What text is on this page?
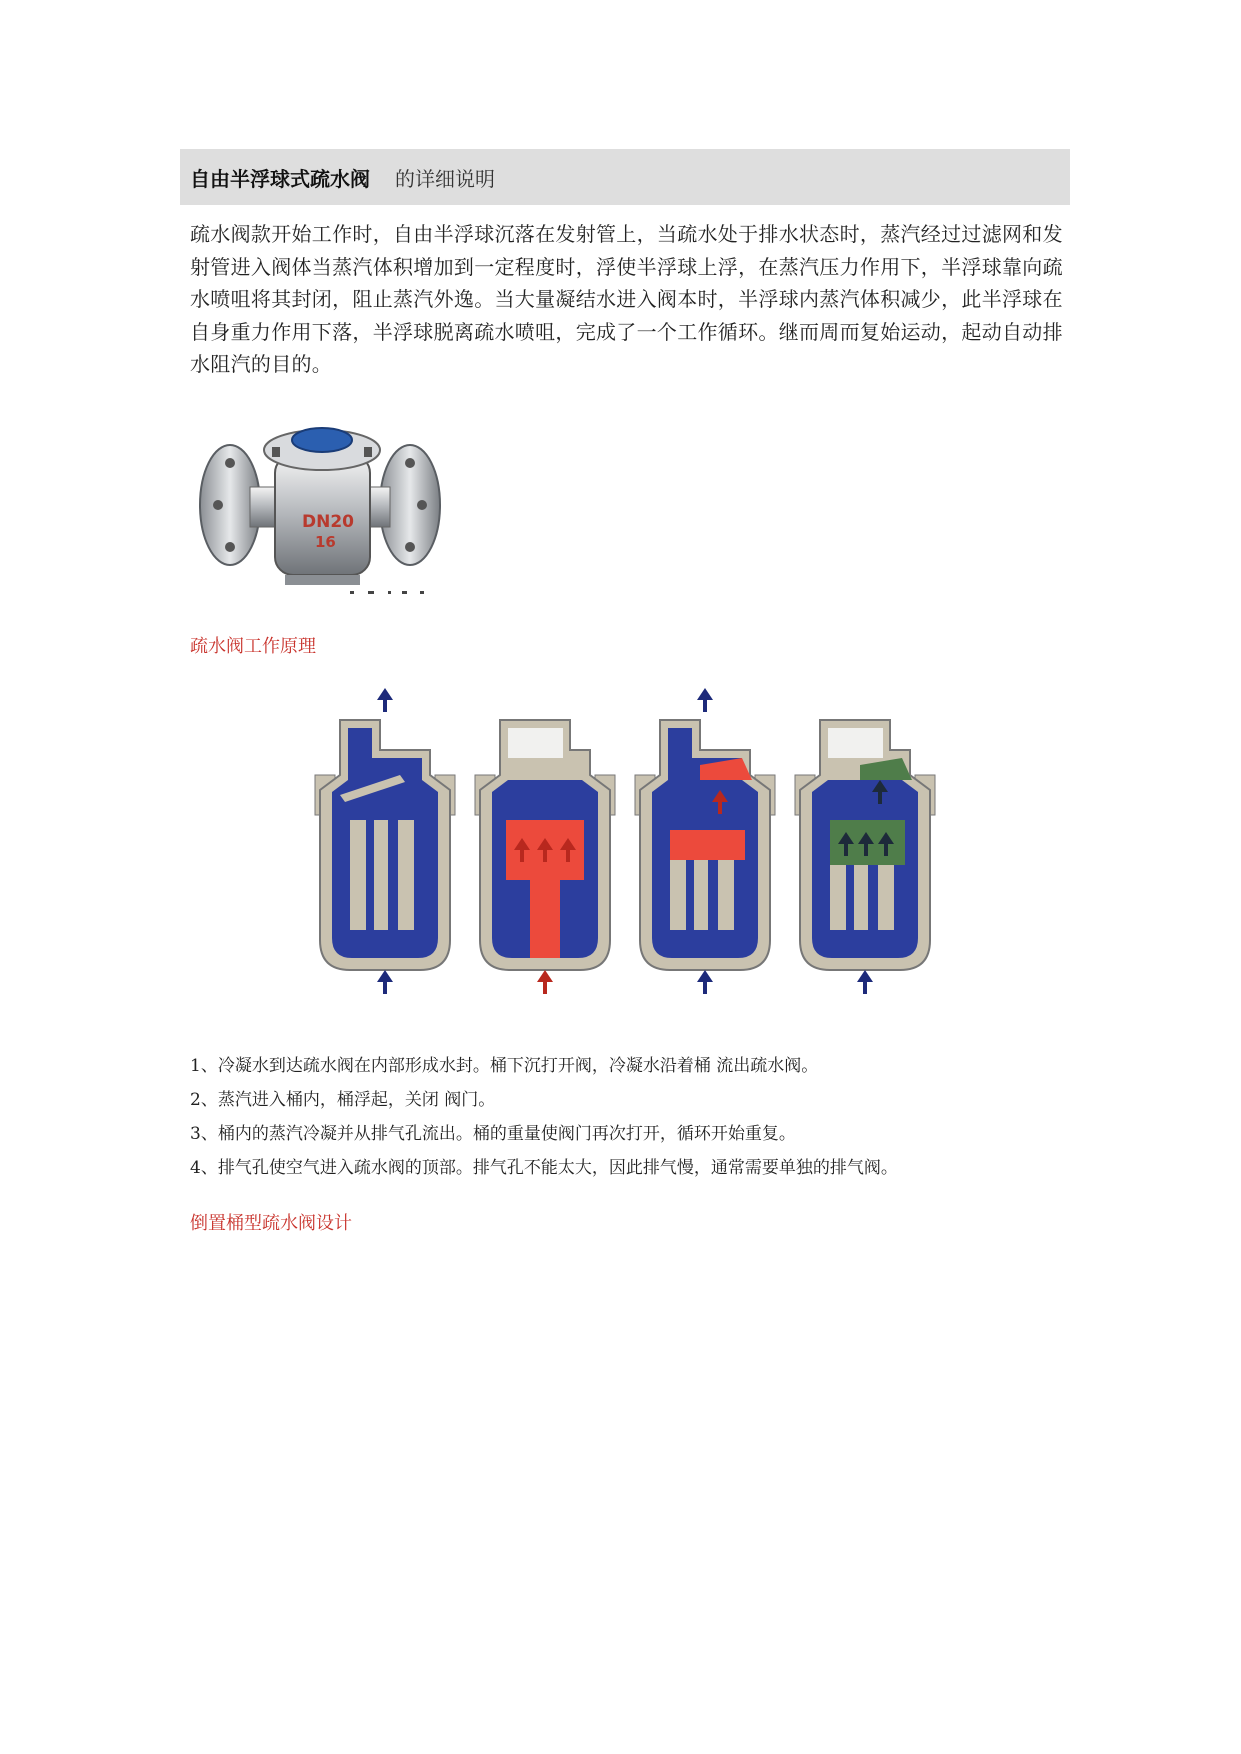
自由半浮球式疏水阀 的详细说明
疏水阀款开始工作时，自由半浮球沉落在发射管上，当疏水处于排水状态时，蒸汽经过过滤网和发射管进入阀体当蒸汽体积增加到一定程度时，浮使半浮球上浮，在蒸汽压力作用下，半浮球靠向疏水喷咀将其封闭，阻止蒸汽外逸。当大量凝结水进入阀本时，半浮球内蒸汽体积减少，此半浮球在自身重力作用下落，半浮球脱离疏水喷咀，完成了一个工作循环。继而周而复始运动，起动自动排水阻汽的目的。
DN20
16
疏水阀工作原理
1、冷凝水到达疏水阀在内部形成水封。桶下沉打开阀，冷凝水沿着桶 流出疏水阀。
2、蒸汽进入桶内，桶浮起，关闭 阀门。
3、桶内的蒸汽冷凝并从排气孔流出。桶的重量使阀门再次打开，循环开始重复。
4、排气孔使空气进入疏水阀的顶部。排气孔不能太大，因此排气慢，通常需要单独的排气阀。
倒置桶型疏水阀设计
